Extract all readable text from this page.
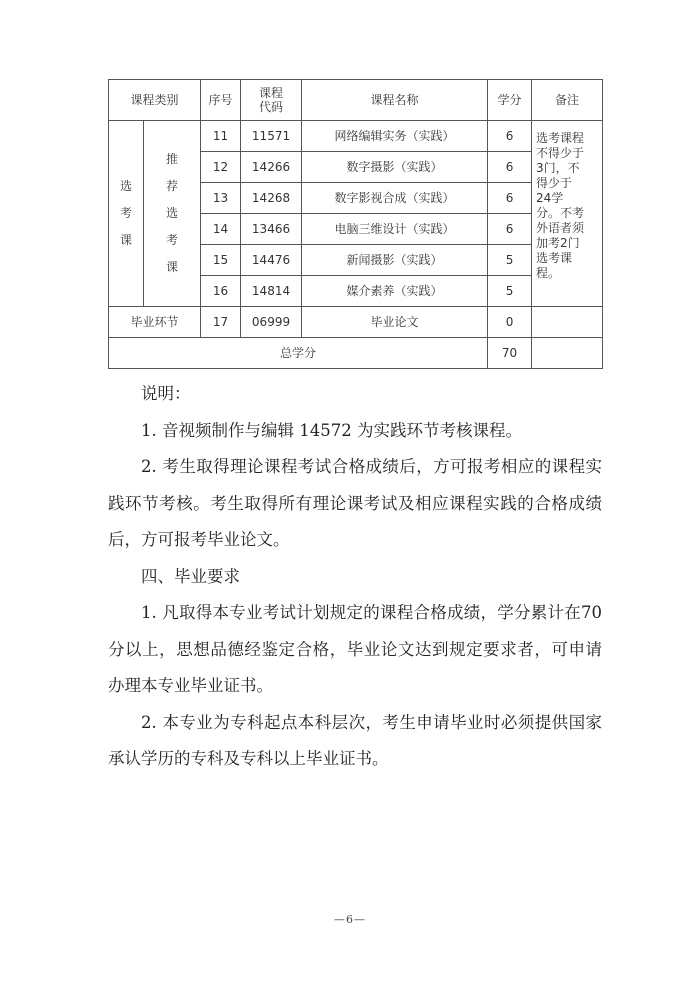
课程类别		序号	课程代码	课程名称	学分	备注

选考课	推荐选考课	11	11571	网络编辑实务（实践）	6	选考课程不得少于3门，不得少于24学分。不考外语者须加考2门选考课程。

		12	14266	数字摄影（实践）	6	
		13	14268	数字影视合成（实践）	6	
		14	13466	电脑三维设计（实践）	6	
		15	14476	新闻摄影（实践）	5	
		16	14814	媒介素养（实践）	5	
毕业环节		17	06999	毕业论文	0	
总学分					70	

说明：

1. 音视频制作与编辑 14572 为实践环节考核课程。

2. 考生取得理论课程考试合格成绩后，方可报考相应的课程实践环节考核。考生取得所有理论课考试及相应课程实践的合格成绩后，方可报考毕业论文。

四、毕业要求

1. 凡取得本专业考试计划规定的课程合格成绩，学分累计在70分以上，思想品德经鉴定合格，毕业论文达到规定要求者，可申请办理本专业毕业证书。

2. 本专业为专科起点本科层次，考生申请毕业时必须提供国家承认学历的专科及专科以上毕业证书。

—6—
